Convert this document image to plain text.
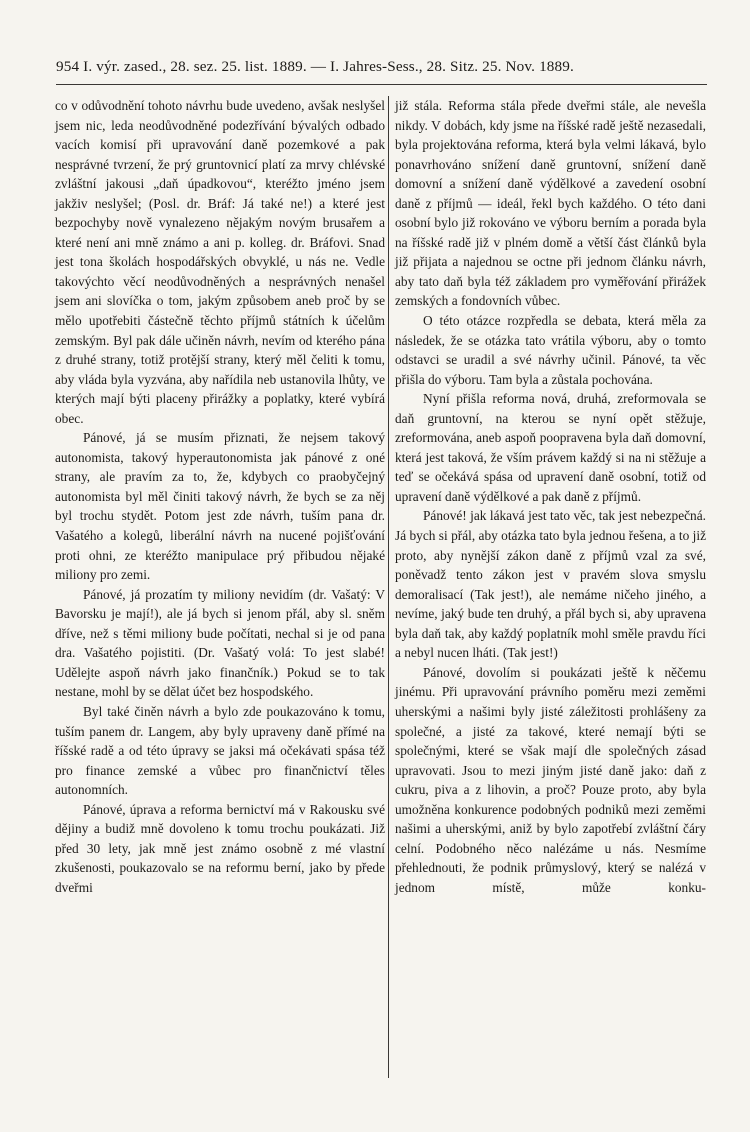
954 I. výr. zased., 28. sez. 25. list. 1889. — I. Jahres-Sess., 28. Sitz. 25. Nov. 1889.

co v odůvodnění tohoto návrhu bude uvedeno, avšak neslyšel jsem nic, leda neodůvodněné podezřívání bývalých odbado vacích komisí při upravování daně pozemkové a pak nesprávné tvrzení, že prý gruntovnicí platí za mrvy chlévské zvláštní jakousi „daň úpadkovou“, kteréžto jméno jsem jakživ neslyšel; (Posl. dr. Bráf: Já také ne!) a které jest bezpochyby nově vynalezeno nějakým novým brusařem a které není ani mně známo a ani p. kolleg. dr. Bráfovi. Snad jest tona školách hospodářských obvyklé, u nás ne. Vedle takovýchto věcí neodůvodněných a nesprávných nenašel jsem ani slovíčka o tom, jakým způsobem aneb proč by se mělo upotřebiti částečně těchto příjmů státních k účelům zemským. Byl pak dále učiněn návrh, nevím od kterého pána z druhé strany, totiž protější strany, který měl čeliti k tomu, aby vláda byla vyzvána, aby nařídila neb ustanovila lhůty, ve kterých mají býti placeny přirážky a poplatky, které vybírá obec.

Pánové, já se musím přiznati, že nejsem takový autonomista, takový hyperautonomista jak pánové z oné strany, ale pravím za to, že, kdybych co praobyčejný autonomista byl měl činiti takový návrh, že bych se za něj byl trochu stydět. Potom jest zde návrh, tuším pana dr. Vašatého a kolegů, liberální návrh na nucené pojišťování proti ohni, ze kteréžto manipulace prý přibudou nějaké miliony pro zemi.

Pánové, já prozatím ty miliony nevidím (dr. Vašatý: V Bavorsku je mají!), ale já bych si jenom přál, aby sl. sněm dříve, než s těmi miliony bude počítati, nechal si je od pana dra. Vašatého pojistiti. (Dr. Vašatý volá: To jest slabé! Udělejte aspoň návrh jako finančník.) Pokud se to tak nestane, mohl by se dělat účet bez hospodského.

Byl také činěn návrh a bylo zde poukazováno k tomu, tuším panem dr. Langem, aby byly upraveny daně přímé na říšské radě a od této úpravy se jaksi má očekávati spása též pro finance zemské a vůbec pro finančnictví těles autonomních.

Pánové, úprava a reforma bernictví má v Rakousku své dějiny a budiž mně dovoleno k tomu trochu poukázati. Již před 30 lety, jak mně jest známo osobně z mé vlastní zkušenosti, poukazovalo se na reformu berní, jako by přede dveřmi

již stála. Reforma stála přede dveřmi stále, ale nevešla nikdy. V dobách, kdy jsme na říšské radě ještě nezasedali, byla projektována reforma, která byla velmi lákavá, bylo ponavrhováno snížení daně gruntovní, snížení daně domovní a snížení daně výdělkové a zavedení osobní daně z příjmů — ideál, řekl bych každého. O této dani osobní bylo již rokováno ve výboru berním a porada byla na říšské radě již v plném domě a větší část článků byla již přijata a najednou se octne při jednom článku návrh, aby tato daň byla též základem pro vyměřování přirážek zemských a fondovních vůbec.

O této otázce rozpředla se debata, která měla za následek, že se otázka tato vrátila výboru, aby o tomto odstavci se uradil a své návrhy učinil. Pánové, ta věc přišla do výboru. Tam byla a zůstala pochována.

Nyní přišla reforma nová, druhá, zreformovala se daň gruntovní, na kterou se nyní opět stěžuje, zreformována, aneb aspoň poopravena byla daň domovní, která jest taková, že vším právem každý si na ni stěžuje a teď se očekává spása od upravení daně osobní, totiž od upravení daně výdělkové a pak daně z příjmů.

Pánové! jak lákavá jest tato věc, tak jest nebezpečná. Já bych si přál, aby otázka tato byla jednou řešena, a to již proto, aby nynější zákon daně z příjmů vzal za své, poněvadž tento zákon jest v pravém slova smyslu demoralisací (Tak jest!), ale nemáme ničeho jiného, a nevíme, jaký bude ten druhý, a přál bych si, aby upravena byla daň tak, aby každý poplatník mohl směle pravdu říci a nebyl nucen lháti. (Tak jest!)

Pánové, dovolím si poukázati ještě k něčemu jinému. Při upravování právního poměru mezi zeměmi uherskými a našimi byly jisté záležitosti prohlášeny za společné, a jisté za takové, které nemají býti se společnými, které se však mají dle společných zásad upravovati. Jsou to mezi jiným jisté daně jako: daň z cukru, piva a z lihovin, a proč? Pouze proto, aby byla umožněna konkurence podobných podniků mezi zeměmi našimi a uherskými, aniž by bylo zapotřebí zvláštní čáry celní. Podobného něco nalézáme u nás. Nesmíme přehlednouti, že podnik průmyslový, který se nalézá v jednom místě, může konku-
